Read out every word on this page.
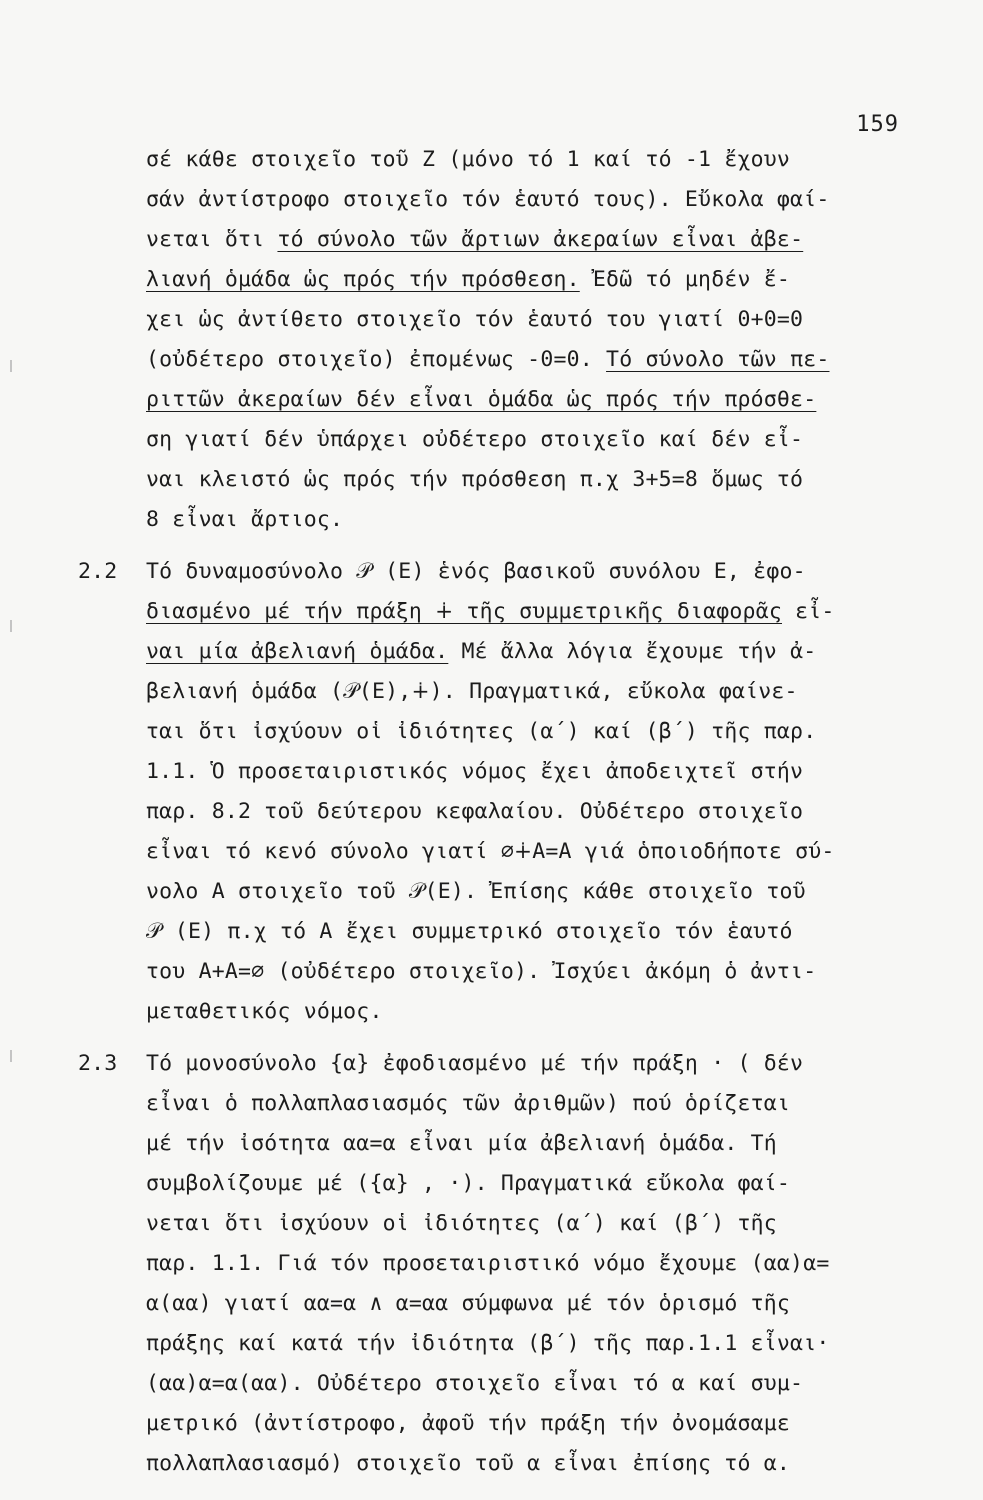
159
σέ κάθε στοιχεῖο τοῦ Z (μόνο τό 1 καί τό -1 ἔχουν
σάν ἀντίστροφο στοιχεῖο τόν ἑαυτό τους). Εὔκολα φαί-
νεται ὅτι τό σύνολο τῶν ἄρτιων ἀκεραίων εἶναι ἀβε-
λιανή ὁμάδα ὡς πρός τήν πρόσθεση. Ἐδῶ τό μηδέν ἔ-
χει ὡς ἀντίθετο στοιχεῖο τόν ἑαυτό του γιατί 0+0=0
(οὐδέτερο στοιχεῖο) ἐπομένως -0=0. Τό σύνολο τῶν πε-
ριττῶν ἀκεραίων δέν εἶναι ὁμάδα ὡς πρός τήν πρόσθε-
ση γιατί δέν ὑπάρχει οὐδέτερο στοιχεῖο καί δέν εἶ-
ναι κλειστό ὡς πρός τήν πρόσθεση π.χ 3+5=8 ὅμως τό
8 εἶναι ἄρτιος.
2.2	Τό δυναμοσύνολο 𝒫 (E) ἑνός βασικοῦ συνόλου E, ἐφο-
διασμένο μέ τήν πράξη ∔ τῆς συμμετρικῆς διαφορᾶς εἶ-
ναι μία ἀβελιανή ὁμάδα. Μέ ἄλλα λόγια ἔχουμε τήν ἀ-
βελιανή ὁμάδα (𝒫(E),∔). Πραγματικά, εὔκολα φαίνε-
ται ὅτι ἰσχύουν οἱ ἰδιότητες (α΄) καί (β΄) τῆς παρ.
1.1. Ὁ προσεταιριστικός νόμος ἔχει ἀποδειχτεῖ στήν
παρ. 8.2 τοῦ δεύτερου κεφαλαίου. Οὐδέτερο στοιχεῖο
εἶναι τό κενό σύνολο γιατί ∅∔A=A γιά ὁποιοδήποτε σύ-
νολο A στοιχεῖο τοῦ 𝒫(E). Ἐπίσης κάθε στοιχεῖο τοῦ
𝒫 (E) π.χ τό A ἔχει συμμετρικό στοιχεῖο τόν ἑαυτό
του A+A=∅ (οὐδέτερο στοιχεῖο). Ἰσχύει ἀκόμη ὁ ἀντι-
μεταθετικός νόμος.
2.3	Τό μονοσύνολο {α} ἐφοδιασμένο μέ τήν πράξη · ( δέν
εἶναι ὁ πολλαπλασιασμός τῶν ἀριθμῶν) πού ὁρίζεται
μέ τήν ἰσότητα αα=α εἶναι μία ἀβελιανή ὁμάδα. Τή
συμβολίζουμε μέ ({α} , ·). Πραγματικά εὔκολα φαί-
νεται ὅτι ἰσχύουν οἱ ἰδιότητες (α΄) καί (β΄) τῆς
παρ. 1.1. Γιά τόν προσεταιριστικό νόμο ἔχουμε (αα)α=
α(αα) γιατί αα=α ∧ α=αα σύμφωνα μέ τόν ὁρισμό τῆς
πράξης καί κατά τήν ἰδιότητα (β΄) τῆς παρ.1.1 εἶναι·
(αα)α=α(αα). Οὐδέτερο στοιχεῖο εἶναι τό α καί συμ-
μετρικό (ἀντίστροφο, ἀφοῦ τήν πράξη τήν ὀνομάσαμε
πολλαπλασιασμό) στοιχεῖο τοῦ α εἶναι ἐπίσης τό α.
